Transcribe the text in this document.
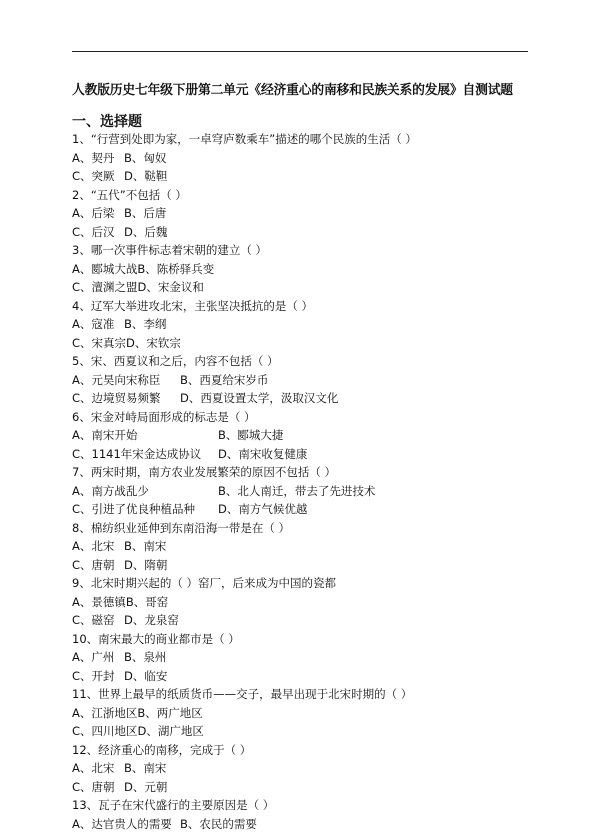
人教版历史七年级下册第二单元《经济重心的南移和民族关系的发展》自测试题
一、选择题
1、“行营到处即为家，一卓穹庐数乘车”描述的哪个民族的生活（ ）
A、契丹 B、匈奴
C、突厥 D、鞑靼
2、“五代”不包括（ ）
A、后梁 B、后唐
C、后汉 D、后魏
3、哪一次事件标志着宋朝的建立（ ）
A、郾城大战B、陈桥驿兵变
C、澶渊之盟D、宋金议和
4、辽军大举进攻北宋，主张坚决抵抗的是（ ）
A、寇准 B、李纲
C、宋真宗D、宋钦宗
5、宋、西夏议和之后，内容不包括（ ）
A、元昊向宋称臣 B、西夏给宋岁币
C、边境贸易频繁 D、西夏设置太学，汲取汉文化
6、宋金对峙局面形成的标志是（ ）
A、南宋开始	B、郾城大捷
C、1141年宋金达成协议 D、南宋收复健康
7、两宋时期，南方农业发展繁荣的原因不包括（ ）
A、南方战乱少	B、北人南迁，带去了先进技术
C、引进了优良种植品种 D、南方气候优越
8、棉纺织业延伸到东南沿海一带是在（ ）
A、北宋 B、南宋
C、唐朝 D、隋朝
9、北宋时期兴起的（ ）窑厂，后来成为中国的瓷都
A、景德镇B、哥窑
C、磁窑 D、龙泉窑
10、南宋最大的商业都市是（ ）
A、广州 B、泉州
C、开封 D、临安
11、世界上最早的纸质货币——交子，最早出现于北宋时期的（ ）
A、江浙地区B、两广地区
C、四川地区D、湖广地区
12、经济重心的南移，完成于（ ）
A、北宋 B、南宋
C、唐朝 D、元朝
13、瓦子在宋代盛行的主要原因是（ ）
A、达官贵人的需要 B、农民的需要
